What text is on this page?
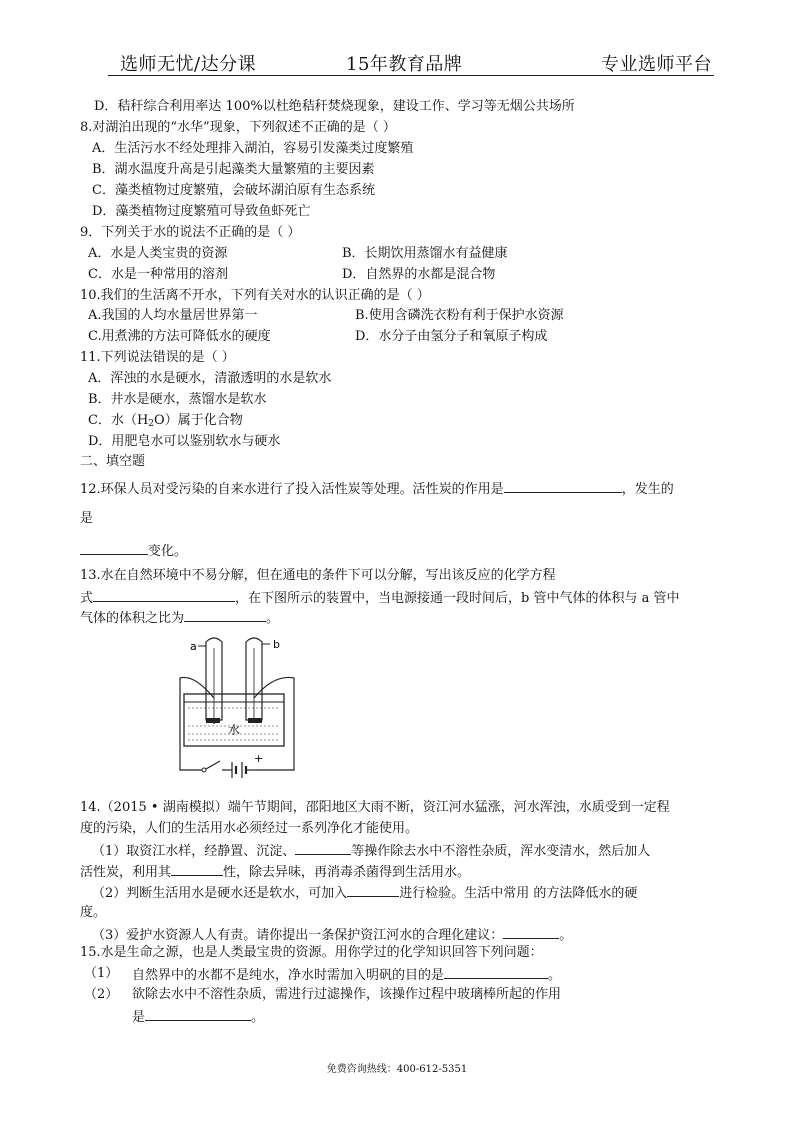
选师无忧/达分课	15年教育品牌	专业选师平台
D．秸秆综合利用率达 100%以杜绝秸秆焚烧现象，建设工作、学习等无烟公共场所
8.对湖泊出现的“水华”现象，下列叙述不正确的是（ ）
A．生活污水不经处理排入湖泊，容易引发藻类过度繁殖
B．湖水温度升高是引起藻类大量繁殖的主要因素
C．藻类植物过度繁殖，会破坏湖泊原有生态系统
D．藻类植物过度繁殖可导致鱼虾死亡
9．下列关于水的说法不正确的是（ ）
A．水是人类宝贵的资源	B．长期饮用蒸馏水有益健康
C．水是一种常用的溶剂	D．自然界的水都是混合物
10.我们的生活离不开水，下列有关对水的认识正确的是（ ）
A.我国的人均水量居世界第一	B.使用含磷洗衣粉有利于保护水资源
C.用煮沸的方法可降低水的硬度	D．水分子由氢分子和氧原子构成
11.下列说法错误的是（ ）
A．浑浊的水是硬水，清澈透明的水是软水
B．井水是硬水，蒸馏水是软水
C．水$(H_2O)$属于化合物
D．用肥皂水可以鉴别软水与硬水
二、填空题
12.环保人员对受污染的自来水进行了投入活性炭等处理。活性炭的作用是	，发生的
是
变化。
13.水在自然环境中不易分解，但在通电的条件下可以分解，写出该反应的化学方程
式	，在下图所示的装置中，当电源接通一段时间后，b 管中气体的体积与 a 管中
气体的体积之比为	。
a	b
水
+
14.（2015 • 湖南模拟）端午节期间，邵阳地区大雨不断，资江河水猛涨，河水浑浊，水质受到一定程
度的污染，人们的生活用水必须经过一系列净化才能使用。
（1）取资江水样，经静置、沉淀、	等操作除去水中不溶性杂质，浑水变清水，然后加人
活性炭，利用其	性，除去异味，再消毒杀菌得到生活用水。
（2）判断生活用水是硬水还是软水，可加入	进行检验。生活中常用 的方法降低水的硬
度。
（3）爱护水资源人人有责。请你提出一条保护资江河水的合理化建议：	。
15.水是生命之源，也是人类最宝贵的资源。用你学过的化学知识回答下列问题：
（1） 自然界中的水都不是纯水，净水时需加入明矾的目的是	。
（2） 欲除去水中不溶性杂质，需进行过滤操作，该操作过程中玻璃棒所起的作用
是	。
免费咨询热线：400-612-5351
